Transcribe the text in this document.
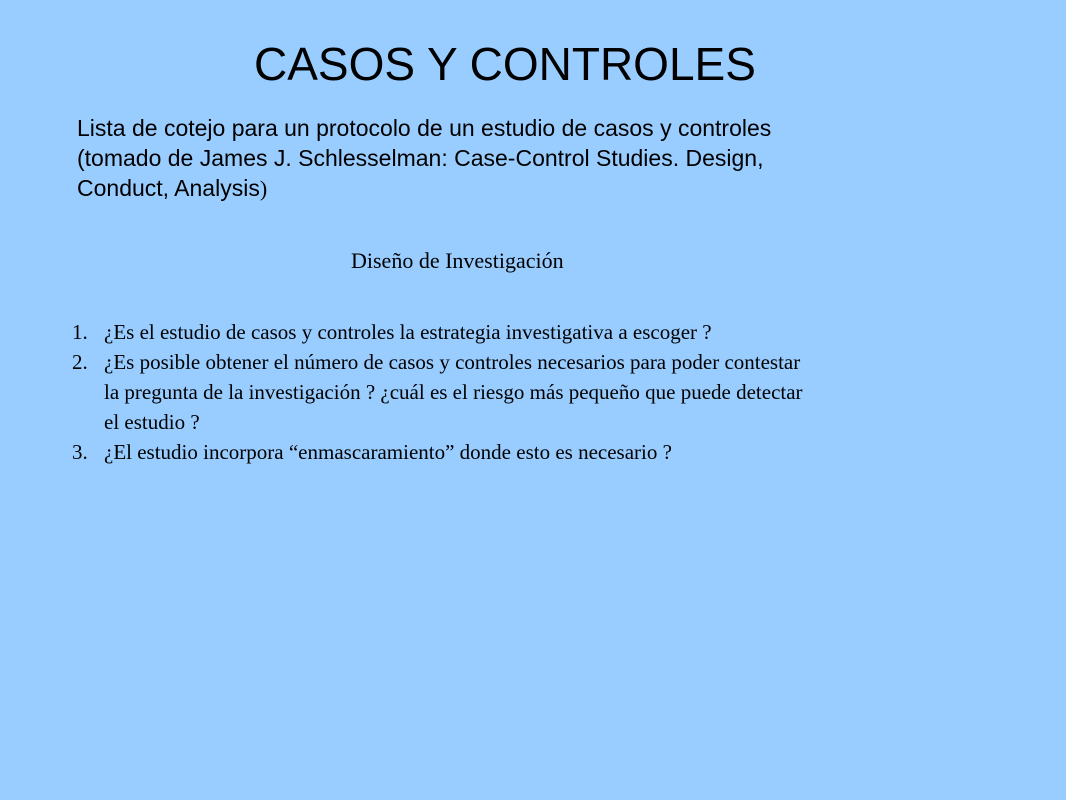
CASOS Y CONTROLES
Lista de cotejo para un protocolo de un estudio de casos y controles
(tomado de James J. Schlesselman: Case-Control Studies. Design,
Conduct, Analysis)
Diseño de Investigación
1. ¿Es el estudio de casos y controles la estrategia investigativa a escoger ?
2. ¿Es posible obtener el número de casos y controles necesarios para poder contestar
la pregunta de la investigación ? ¿cuál es el riesgo más pequeño que puede detectar
el estudio ?
3. ¿El estudio incorpora “enmascaramiento” donde esto es necesario ?
